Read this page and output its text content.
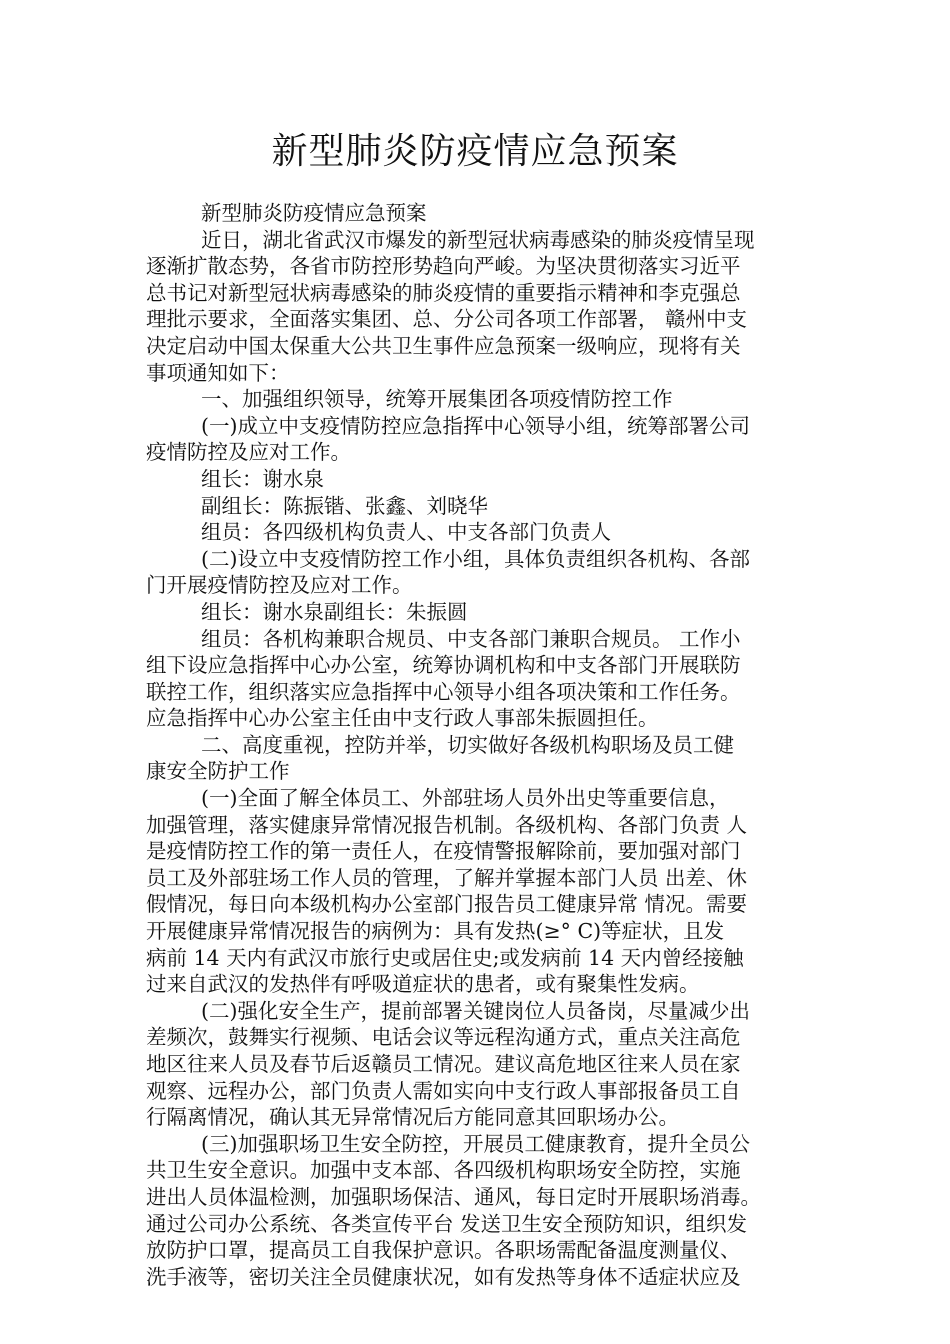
新型肺炎防疫情应急预案
新型肺炎防疫情应急预案
近日，湖北省武汉市爆发的新型冠状病毒感染的肺炎疫情呈现
逐渐扩散态势，各省市防控形势趋向严峻。为坚决贯彻落实习近平
总书记对新型冠状病毒感染的肺炎疫情的重要指示精神和李克强总
理批示要求，全面落实集团、总、分公司各项工作部署， 赣州中支
决定启动中国太保重大公共卫生事件应急预案一级响应，现将有关
事项通知如下：
一、加强组织领导，统筹开展集团各项疫情防控工作
(一)成立中支疫情防控应急指挥中心领导小组，统筹部署公司
疫情防控及应对工作。
组长：谢水泉
副组长：陈振锴、张鑫、刘晓华
组员：各四级机构负责人、中支各部门负责人
(二)设立中支疫情防控工作小组，具体负责组织各机构、各部
门开展疫情防控及应对工作。
组长：谢水泉副组长：朱振圆
组员：各机构兼职合规员、中支各部门兼职合规员。 工作小
组下设应急指挥中心办公室，统筹协调机构和中支各部门开展联防
联控工作，组织落实应急指挥中心领导小组各项决策和工作任务。
应急指挥中心办公室主任由中支行政人事部朱振圆担任。
二、高度重视，控防并举，切实做好各级机构职场及员工健
康安全防护工作
(一)全面了解全体员工、外部驻场人员外出史等重要信息，
加强管理，落实健康异常情况报告机制。各级机构、各部门负责 人
是疫情防控工作的第一责任人，在疫情警报解除前，要加强对部门
员工及外部驻场工作人员的管理，了解并掌握本部门人员 出差、休
假情况，每日向本级机构办公室部门报告员工健康异常 情况。需要
开展健康异常情况报告的病例为：具有发热(≥° C)等症状，且发
病前 14 天内有武汉市旅行史或居住史;或发病前 14 天内曾经接触
过来自武汉的发热伴有呼吸道症状的患者，或有聚集性发病。
(二)强化安全生产，提前部署关键岗位人员备岗，尽量减少出
差频次，鼓舞实行视频、电话会议等远程沟通方式，重点关注高危
地区往来人员及春节后返赣员工情况。建议高危地区往来人员在家
观察、远程办公，部门负责人需如实向中支行政人事部报备员工自
行隔离情况，确认其无异常情况后方能同意其回职场办公。
(三)加强职场卫生安全防控，开展员工健康教育，提升全员公
共卫生安全意识。加强中支本部、各四级机构职场安全防控，实施
进出人员体温检测，加强职场保洁、通风，每日定时开展职场消毒。
通过公司办公系统、各类宣传平台 发送卫生安全预防知识，组织发
放防护口罩，提高员工自我保护意识。各职场需配备温度测量仪、
洗手液等，密切关注全员健康状况，如有发热等身体不适症状应及
